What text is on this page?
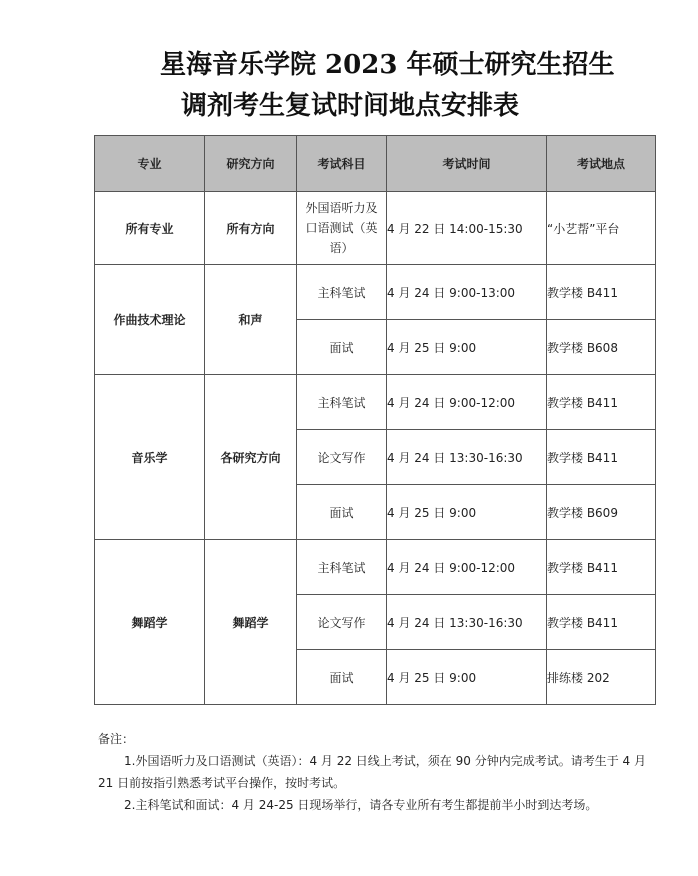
星海音乐学院 2023 年硕士研究生招生
调剂考生复试时间地点安排表
专业	研究方向	考试科目	考试时间	考试地点
所有专业	所有方向	外国语听力及口语测试（英语）	4 月 22 日 14:00-15:30	“小艺帮”平台
作曲技术理论	和声	主科笔试	4 月 24 日 9:00-13:00	教学楼 B411
		面试	4 月 25 日 9:00	教学楼 B608
音乐学	各研究方向	主科笔试	4 月 24 日 9:00-12:00	教学楼 B411
		论文写作	4 月 24 日 13:30-16:30	教学楼 B411
		面试	4 月 25 日 9:00	教学楼 B609
舞蹈学	舞蹈学	主科笔试	4 月 24 日 9:00-12:00	教学楼 B411
		论文写作	4 月 24 日 13:30-16:30	教学楼 B411
		面试	4 月 25 日 9:00	排练楼 202

备注：

1.外国语听力及口语测试（英语）：4 月 22 日线上考试，须在 90 分钟内完成考试。请考生于 4 月 21 日前按指引熟悉考试平台操作，按时考试。

2.主科笔试和面试：4 月 24-25 日现场举行，请各专业所有考生都提前半小时到达考场。
